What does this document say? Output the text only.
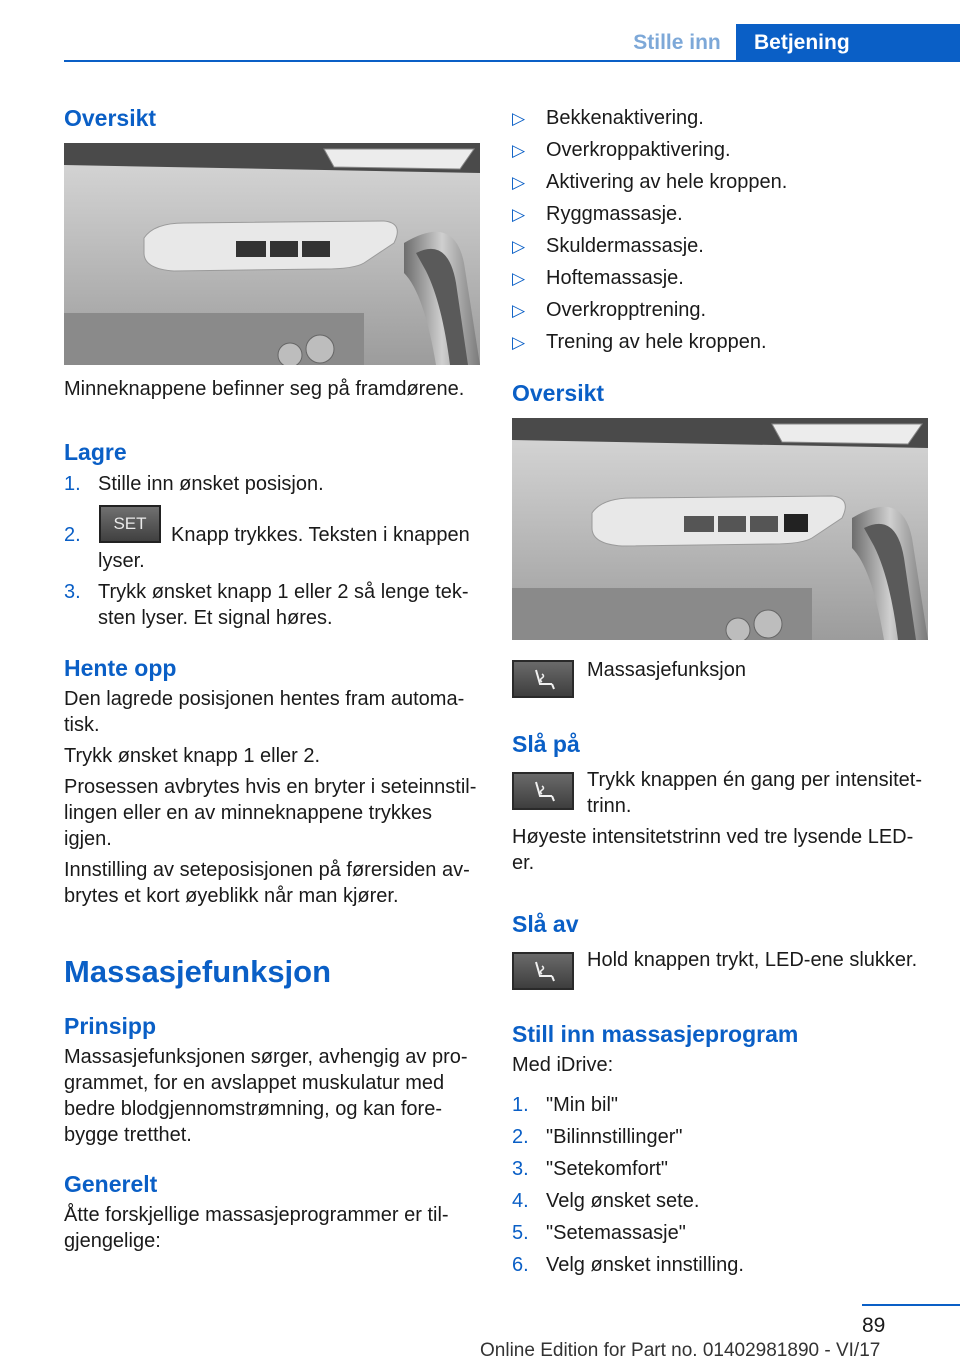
Stille inn	Betjening
Oversikt
Minneknappene befinner seg på framdørene.
Lagre
1. Stille inn ønsket posisjon.
2.
SET
Knapp trykkes. Teksten i knappen
lyser.
3. Trykk ønsket knapp 1 eller 2 så lenge tek-
sten lyser. Et signal høres.
Hente opp
Den lagrede posisjonen hentes fram automa-
tisk.
Trykk ønsket knapp 1 eller 2.
Prosessen avbrytes hvis en bryter i seteinnstil-
lingen eller en av minneknappene trykkes
igjen.
Innstilling av seteposisjonen på førersiden av-
brytes et kort øyeblikk når man kjører.
Massasjefunksjon
Prinsipp
Massasjefunksjonen sørger, avhengig av pro-
grammet, for en avslappet muskulatur med
bedre blodgjennomstrømning, og kan fore-
bygge tretthet.
Generelt
Åtte forskjellige massasjeprogrammer er til-
gjengelige:
▷ Bekkenaktivering.
▷ Overkroppaktivering.
▷ Aktivering av hele kroppen.
▷ Ryggmassasje.
▷ Skuldermassasje.
▷ Hoftemassasje.
▷ Overkropptrening.
▷ Trening av hele kroppen.
Oversikt
Massasjefunksjon
Slå på
Trykk knappen én gang per intensitet-
trinn.
Høyeste intensitetstrinn ved tre lysende LED-
er.
Slå av
Hold knappen trykt, LED-ene slukker.
Still inn massasjeprogram
Med iDrive:
1. "Min bil"
2. "Bilinnstillinger"
3. "Setekomfort"
4. Velg ønsket sete.
5. "Setemassasje"
6. Velg ønsket innstilling.
89
Online Edition for Part no. 01402981890 - VI/17
